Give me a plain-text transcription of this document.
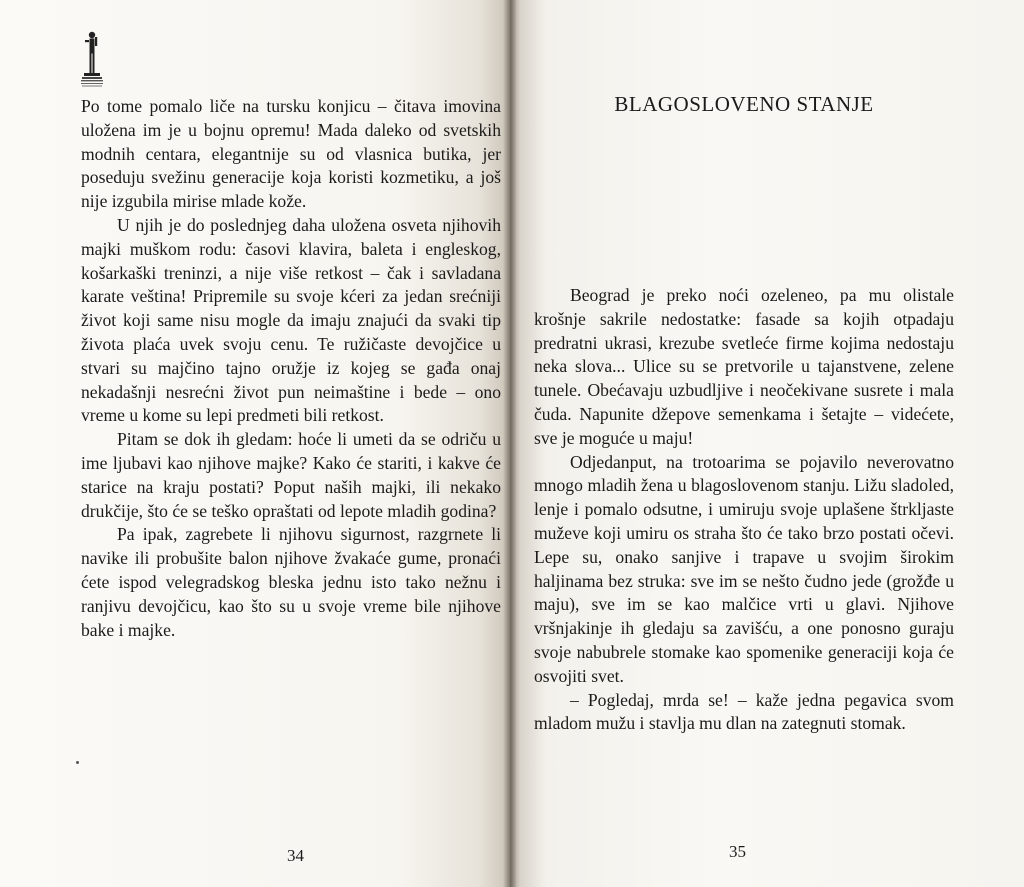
Po tome pomalo liče na tursku konjicu – čitava imovina uložena im je u bojnu opremu! Mada daleko od svetskih modnih centara, elegantnije su od vlasnica butika, jer poseduju svežinu generacije koja koristi kozmetiku, a još nije izgubila mirise mlade kože.

U njih je do poslednjeg daha uložena osveta njihovih majki muškom rodu: časovi klavira, baleta i engleskog, košarkaški treninzi, a nije više retkost – čak i savladana karate veština! Pripremile su svoje kćeri za jedan srećniji život koji same nisu mogle da imaju znajući da svaki tip života plaća uvek svoju cenu. Te ružičaste devojčice u stvari su majčino tajno oružje iz kojeg se gađa onaj nekadašnji nesrećni život pun neimaštine i bede – ono vreme u kome su lepi predmeti bili retkost.

Pitam se dok ih gledam: hoće li umeti da se odriču u ime ljubavi kao njihove majke? Kako će stariti, i kakve će starice na kraju postati? Poput naših majki, ili nekako drukčije, što će se teško opraštati od lepote mladih godina?

Pa ipak, zagrebete li njihovu sigurnost, razgrnete li navike ili probušite balon njihove žvakaće gume, pronaći ćete ispod velegradskog bleska jednu isto tako nežnu i ranjivu devojčicu, kao što su u svoje vreme bile njihove bake i majke.

34
BLAGOSLOVENO STANJE

Beograd je preko noći ozeleneo, pa mu olistale krošnje sakrile nedostatke: fasade sa kojih otpadaju predratni ukrasi, krezube svetleće firme kojima nedostaju neka slova... Ulice su se pretvorile u tajanstvene, zelene tunele. Obećavaju uzbudljive i neočekivane susrete i mala čuda. Napunite džepove semenkama i šetajte – videćete, sve je moguće u maju!

Odjedanput, na trotoarima se pojavilo neverovatno mnogo mladih žena u blagoslovenom stanju. Ližu sladoled, lenje i pomalo odsutne, i umiruju svoje uplašene štrkljaste muževe koji umiru os straha što će tako brzo postati očevi. Lepe su, onako sanjive i trapave u svojim širokim haljinama bez struka: sve im se nešto čudno jede (grožđe u maju), sve im se kao malčice vrti u glavi. Njihove vršnjakinje ih gledaju sa zavišću, a one ponosno guraju svoje nabubrele stomake kao spomenike generaciji koja će osvojiti svet.

– Pogledaj, mrda se! – kaže jedna pegavica svom mladom mužu i stavlja mu dlan na zategnuti stomak.

35
